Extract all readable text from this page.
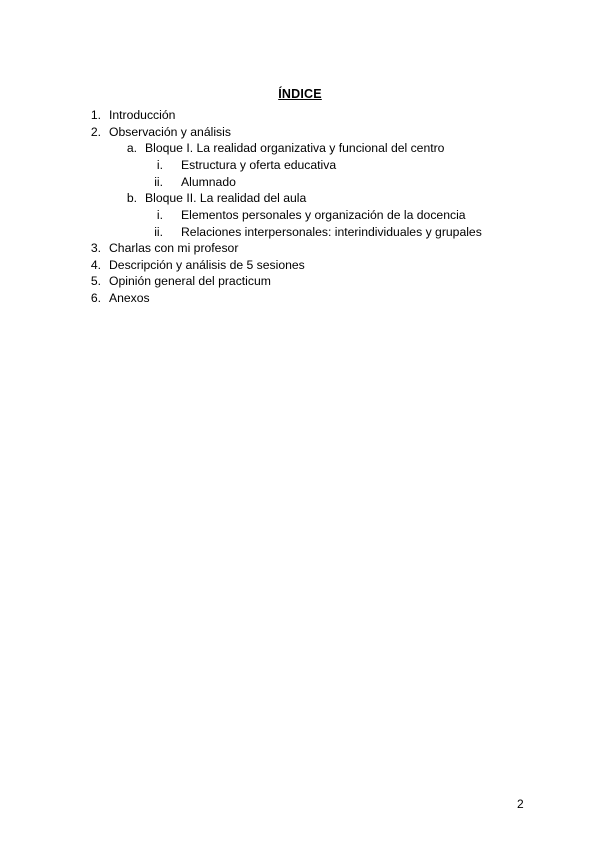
ÍNDICE
1. Introducción
2. Observación y análisis
a. Bloque I. La realidad organizativa y funcional del centro
i. Estructura y oferta educativa
ii. Alumnado
b. Bloque II. La realidad del aula
i. Elementos personales y organización de la docencia
ii. Relaciones interpersonales: interindividuales y grupales
3. Charlas con mi profesor
4. Descripción y análisis de 5 sesiones
5. Opinión general del practicum
6. Anexos
2
